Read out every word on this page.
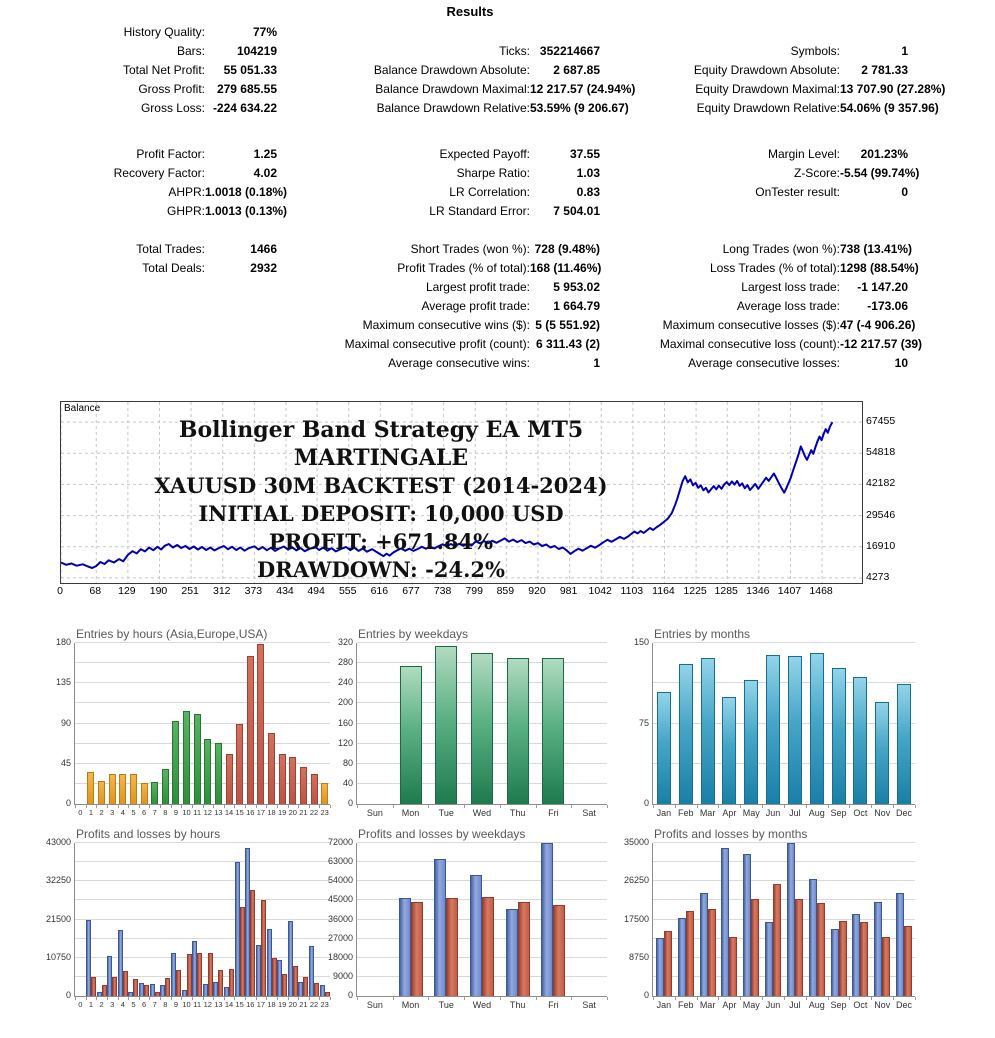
Results
History Quality:	77%
Bars:	104219	Ticks: 352214667	Symbols:	1
Total Net Profit:	55 051.33	Balance Drawdown Absolute:	2 687.85	Equity Drawdown Absolute:	2 781.33
Gross Profit: 279 685.55	Balance Drawdown Maximal: 12 217.57 (24.94%)	Equity Drawdown Maximal: 13 707.90 (27.28%)
Gross Loss: -224 634.22	Balance Drawdown Relative: 53.59% (9 206.67)	Equity Drawdown Relative: 54.06% (9 357.96)
Profit Factor:	1.25	Expected Payoff:	37.55	Margin Level:	201.23%
Recovery Factor:	4.02	Sharpe Ratio:	1.03	Z-Score: -5.54 (99.74%)
AHPR: 1.0018 (0.18%)	LR Correlation:	0.83	OnTester result:	0
GHPR: 1.0013 (0.13%)	LR Standard Error:	7 504.01
Total Trades:	1466	Short Trades (won %): 728 (9.48%)	Long Trades (won %): 738 (13.41%)
Total Deals:	2932	Profit Trades (% of total): 168 (11.46%)	Loss Trades (% of total): 1298 (88.54%)
Largest profit trade:	5 953.02	Largest loss trade:	-1 147.20
Average profit trade:	1 664.79	Average loss trade:	-173.06
Maximum consecutive wins ($): 5 (5 551.92)	Maximum consecutive losses ($): 47 (-4 906.26)
Maximal consecutive profit (count): 6 311.43 (2)	Maximal consecutive loss (count): -12 217.57 (39)
Average consecutive wins:	1	Average consecutive losses:	10
Balance
Bollinger Band Strategy EA MT5 MARTINGALE
XAUUSD 30M BACKTEST (2014-2024)
INITIAL DEPOSIT: 10,000 USD
PROFIT: +671.84%
DRAWDOWN: -24.2%
67455
54818
42182
29546
16910
4273
0	68	129	190	251	312	373	434	494	555	616	677	738	799	859	920	981	1042 1103 1164 1225 1285 1346 1407 1468
Entries by hours (Asia,Europe,USA)
180
135
90
45
0
0 1 2 3 4 5 6 7 8 9 10 11 12 13 14 15 16 17 18 19 20 21 22 23
Entries by weekdays
320
280
240
200
160
120
80
40
0
Sun	Mon	Tue	Wed	Thu	Fri	Sat
Entries by months
150
75
0
Jan Feb Mar Apr May Jun Jul Aug Sep Oct Nov Dec
Profits and losses by hours
43000
32250
21500
10750
0
0 1 2 3 4 5 6 7 8 9 10 11 12 13 14 15 16 17 18 19 20 21 22 23
Profits and losses by weekdays
72000
63000
54000
45000
36000
27000
18000
9000
0
Sun	Mon	Tue	Wed	Thu	Fri	Sat
Profits and losses by months
35000
26250
17500
8750
0
Jan Feb Mar Apr May Jun Jul Aug Sep Oct Nov Dec
